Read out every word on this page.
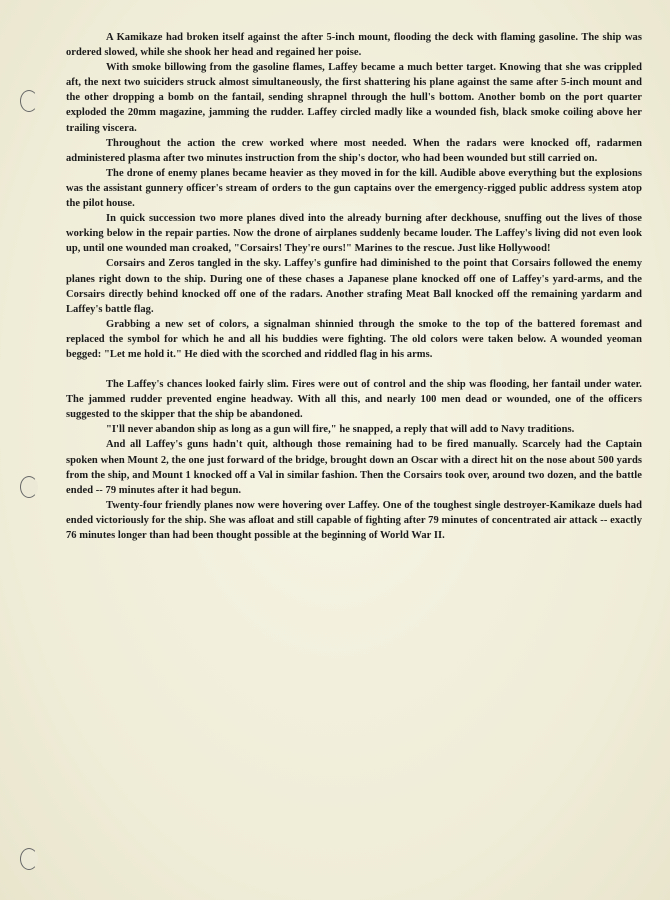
A Kamikaze had broken itself against the after 5-inch mount, flooding the deck with flaming gasoline. The ship was ordered slowed, while she shook her head and regained her poise.

With smoke billowing from the gasoline flames, Laffey became a much better target. Knowing that she was crippled aft, the next two suiciders struck almost simultaneously, the first shattering his plane against the same after 5-inch mount and the other dropping a bomb on the fantail, sending shrapnel through the hull's bottom. Another bomb on the port quarter exploded the 20mm magazine, jamming the rudder. Laffey circled madly like a wounded fish, black smoke coiling above her trailing viscera.

Throughout the action the crew worked where most needed. When the radars were knocked off, radarmen administered plasma after two minutes instruction from the ship's doctor, who had been wounded but still carried on.

The drone of enemy planes became heavier as they moved in for the kill. Audible above everything but the explosions was the assistant gunnery officer's stream of orders to the gun captains over the emergency-rigged public address system atop the pilot house.

In quick succession two more planes dived into the already burning after deckhouse, snuffing out the lives of those working below in the repair parties. Now the drone of airplanes suddenly became louder. The Laffey's living did not even look up, until one wounded man croaked, "Corsairs! They're ours!" Marines to the rescue. Just like Hollywood!

Corsairs and Zeros tangled in the sky. Laffey's gunfire had diminished to the point that Corsairs followed the enemy planes right down to the ship. During one of these chases a Japanese plane knocked off one of Laffey's yard-arms, and the Corsairs directly behind knocked off one of the radars. Another strafing Meat Ball knocked off the remaining yardarm and Laffey's battle flag.

Grabbing a new set of colors, a signalman shinnied through the smoke to the top of the battered foremast and replaced the symbol for which he and all his buddies were fighting. The old colors were taken below. A wounded yeoman begged: "Let me hold it." He died with the scorched and riddled flag in his arms.

The Laffey's chances looked fairly slim. Fires were out of control and the ship was flooding, her fantail under water. The jammed rudder prevented engine headway. With all this, and nearly 100 men dead or wounded, one of the officers suggested to the skipper that the ship be abandoned.

"I'll never abandon ship as long as a gun will fire," he snapped, a reply that will add to Navy traditions.

And all Laffey's guns hadn't quit, although those remaining had to be fired manually. Scarcely had the Captain spoken when Mount 2, the one just forward of the bridge, brought down an Oscar with a direct hit on the nose about 500 yards from the ship, and Mount 1 knocked off a Val in similar fashion. Then the Corsairs took over, around two dozen, and the battle ended -- 79 minutes after it had begun.

Twenty-four friendly planes now were hovering over Laffey. One of the toughest single destroyer-Kamikaze duels had ended victoriously for the ship. She was afloat and still capable of fighting after 79 minutes of concentrated air attack -- exactly 76 minutes longer than had been thought possible at the beginning of World War II.
